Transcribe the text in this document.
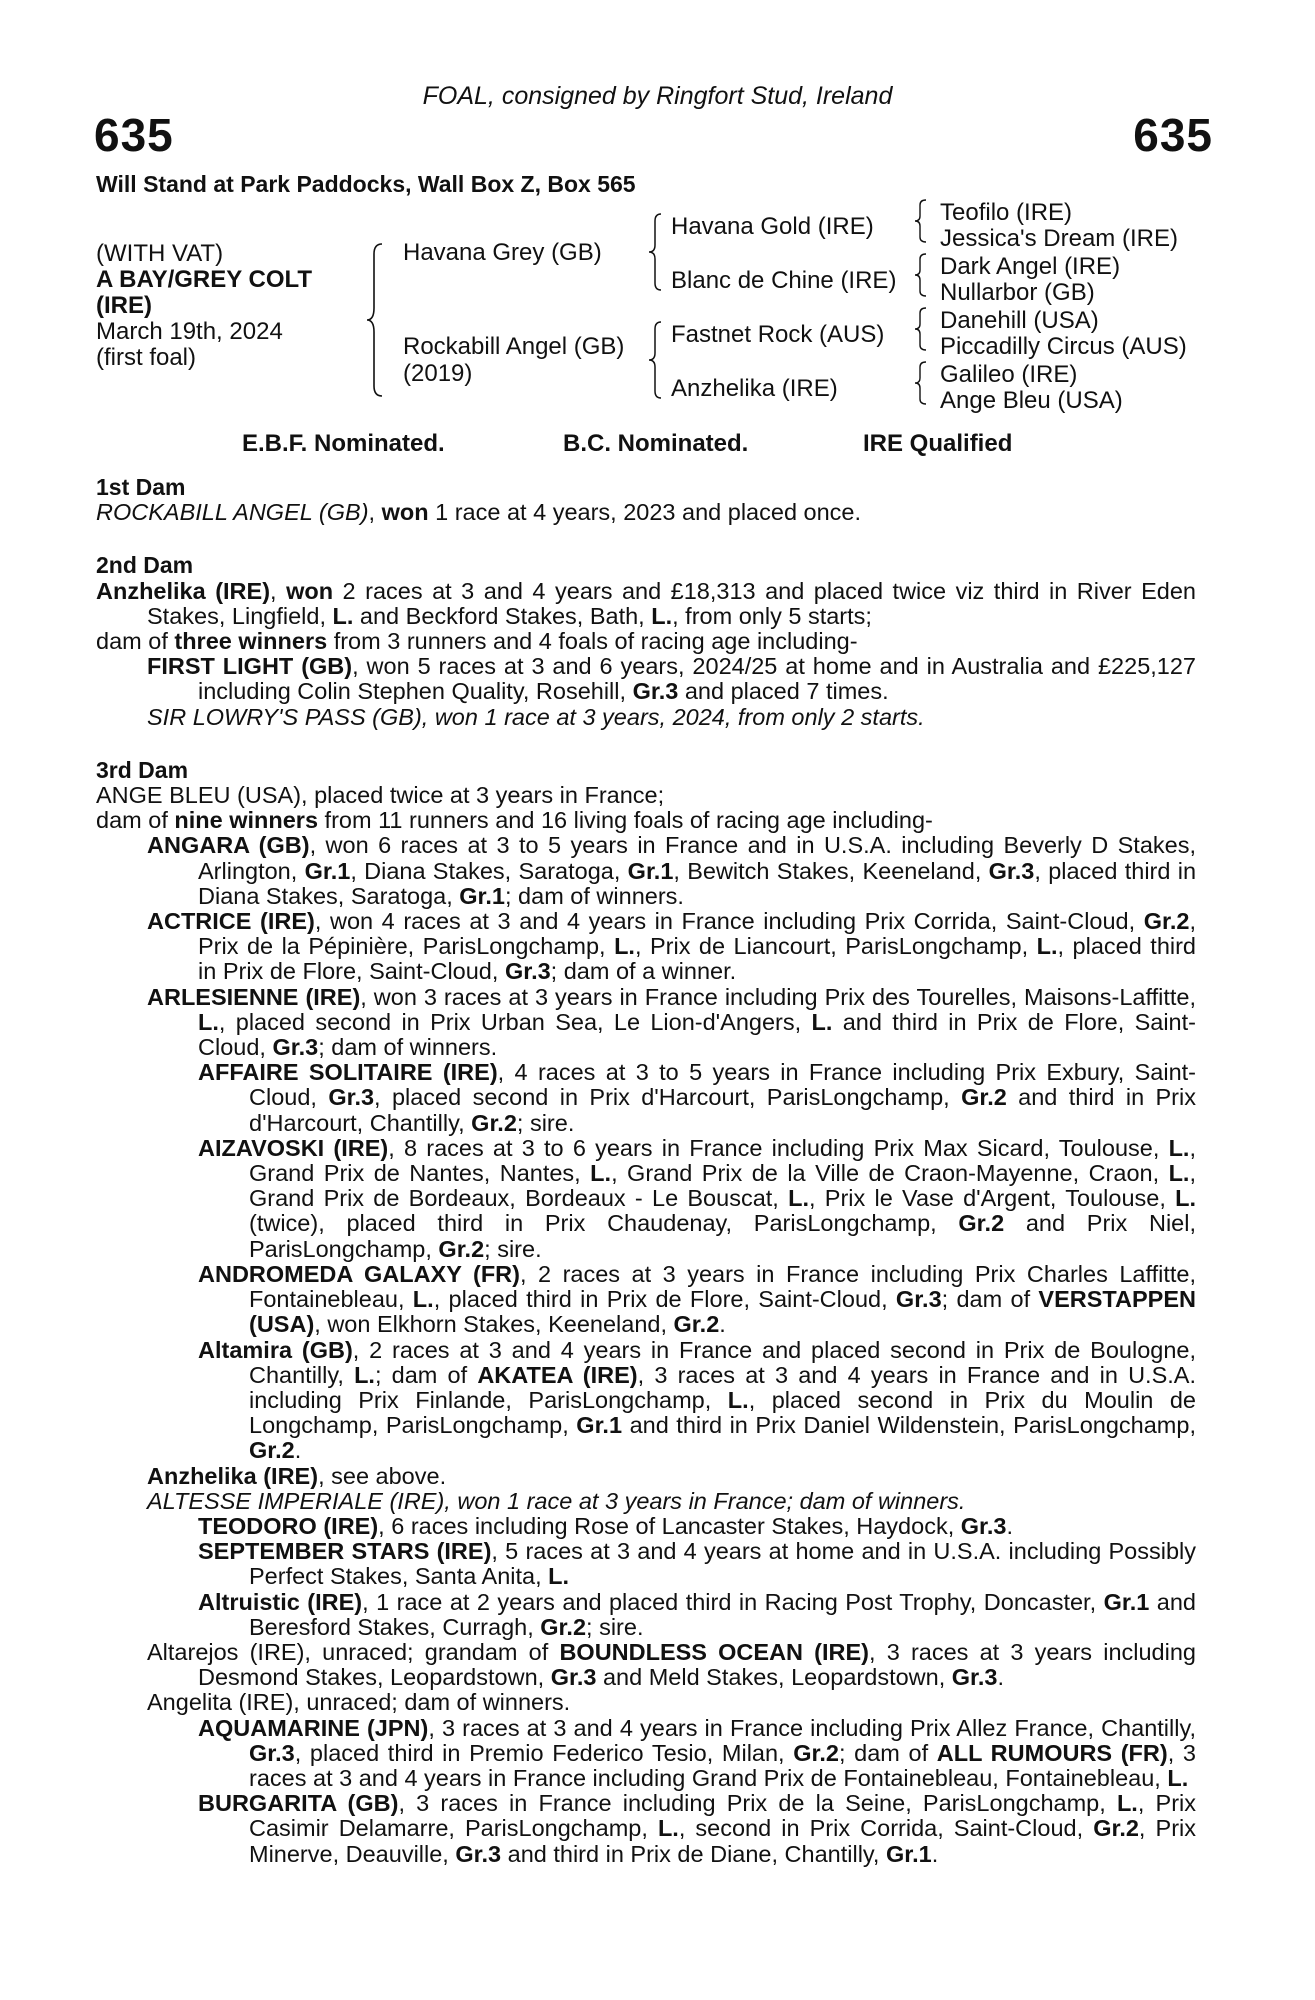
FOAL, consigned by Ringfort Stud, Ireland
635	635
Will Stand at Park Paddocks, Wall Box Z, Box 565
(WITH VAT)
A BAY/GREY COLT
(IRE)
March 19th, 2024
(first foal)
Havana Grey (GB)
Rockabill Angel (GB)
(2019)
Havana Gold (IRE)
Blanc de Chine (IRE)
Fastnet Rock (AUS)
Anzhelika (IRE)
Teofilo (IRE)
Jessica's Dream (IRE)
Dark Angel (IRE)
Nullarbor (GB)
Danehill (USA)
Piccadilly Circus (AUS)
Galileo (IRE)
Ange Bleu (USA)
E.B.F. Nominated.	B.C. Nominated.	IRE Qualified
1st Dam
ROCKABILL ANGEL (GB), won 1 race at 4 years, 2023 and placed once.
2nd Dam
Anzhelika (IRE), won 2 races at 3 and 4 years and £18,313 and placed twice viz third in River Eden Stakes, Lingfield, L. and Beckford Stakes, Bath, L., from only 5 starts;
dam of three winners from 3 runners and 4 foals of racing age including-
FIRST LIGHT (GB), won 5 races at 3 and 6 years, 2024/25 at home and in Australia and £225,127 including Colin Stephen Quality, Rosehill, Gr.3 and placed 7 times.
SIR LOWRY'S PASS (GB), won 1 race at 3 years, 2024, from only 2 starts.
3rd Dam
ANGE BLEU (USA), placed twice at 3 years in France;
dam of nine winners from 11 runners and 16 living foals of racing age including-
ANGARA (GB), won 6 races at 3 to 5 years in France and in U.S.A. including Beverly D Stakes, Arlington, Gr.1, Diana Stakes, Saratoga, Gr.1, Bewitch Stakes, Keeneland, Gr.3, placed third in Diana Stakes, Saratoga, Gr.1; dam of winners.
ACTRICE (IRE), won 4 races at 3 and 4 years in France including Prix Corrida, Saint-Cloud, Gr.2, Prix de la Pépinière, ParisLongchamp, L., Prix de Liancourt, ParisLongchamp, L., placed third in Prix de Flore, Saint-Cloud, Gr.3; dam of a winner.
ARLESIENNE (IRE), won 3 races at 3 years in France including Prix des Tourelles, Maisons-Laffitte, L., placed second in Prix Urban Sea, Le Lion-d'Angers, L. and third in Prix de Flore, Saint-Cloud, Gr.3; dam of winners.
AFFAIRE SOLITAIRE (IRE), 4 races at 3 to 5 years in France including Prix Exbury, Saint-Cloud, Gr.3, placed second in Prix d'Harcourt, ParisLongchamp, Gr.2 and third in Prix d'Harcourt, Chantilly, Gr.2; sire.
AIZAVOSKI (IRE), 8 races at 3 to 6 years in France including Prix Max Sicard, Toulouse, L., Grand Prix de Nantes, Nantes, L., Grand Prix de la Ville de Craon-Mayenne, Craon, L., Grand Prix de Bordeaux, Bordeaux - Le Bouscat, L., Prix le Vase d'Argent, Toulouse, L. (twice), placed third in Prix Chaudenay, ParisLongchamp, Gr.2 and Prix Niel, ParisLongchamp, Gr.2; sire.
ANDROMEDA GALAXY (FR), 2 races at 3 years in France including Prix Charles Laffitte, Fontainebleau, L., placed third in Prix de Flore, Saint-Cloud, Gr.3; dam of VERSTAPPEN (USA), won Elkhorn Stakes, Keeneland, Gr.2.
Altamira (GB), 2 races at 3 and 4 years in France and placed second in Prix de Boulogne, Chantilly, L.; dam of AKATEA (IRE), 3 races at 3 and 4 years in France and in U.S.A. including Prix Finlande, ParisLongchamp, L., placed second in Prix du Moulin de Longchamp, ParisLongchamp, Gr.1 and third in Prix Daniel Wildenstein, ParisLongchamp, Gr.2.
Anzhelika (IRE), see above.
ALTESSE IMPERIALE (IRE), won 1 race at 3 years in France; dam of winners.
TEODORO (IRE), 6 races including Rose of Lancaster Stakes, Haydock, Gr.3.
SEPTEMBER STARS (IRE), 5 races at 3 and 4 years at home and in U.S.A. including Possibly Perfect Stakes, Santa Anita, L.
Altruistic (IRE), 1 race at 2 years and placed third in Racing Post Trophy, Doncaster, Gr.1 and Beresford Stakes, Curragh, Gr.2; sire.
Altarejos (IRE), unraced; grandam of BOUNDLESS OCEAN (IRE), 3 races at 3 years including Desmond Stakes, Leopardstown, Gr.3 and Meld Stakes, Leopardstown, Gr.3.
Angelita (IRE), unraced; dam of winners.
AQUAMARINE (JPN), 3 races at 3 and 4 years in France including Prix Allez France, Chantilly, Gr.3, placed third in Premio Federico Tesio, Milan, Gr.2; dam of ALL RUMOURS (FR), 3 races at 3 and 4 years in France including Grand Prix de Fontainebleau, Fontainebleau, L.
BURGARITA (GB), 3 races in France including Prix de la Seine, ParisLongchamp, L., Prix Casimir Delamarre, ParisLongchamp, L., second in Prix Corrida, Saint-Cloud, Gr.2, Prix Minerve, Deauville, Gr.3 and third in Prix de Diane, Chantilly, Gr.1.
